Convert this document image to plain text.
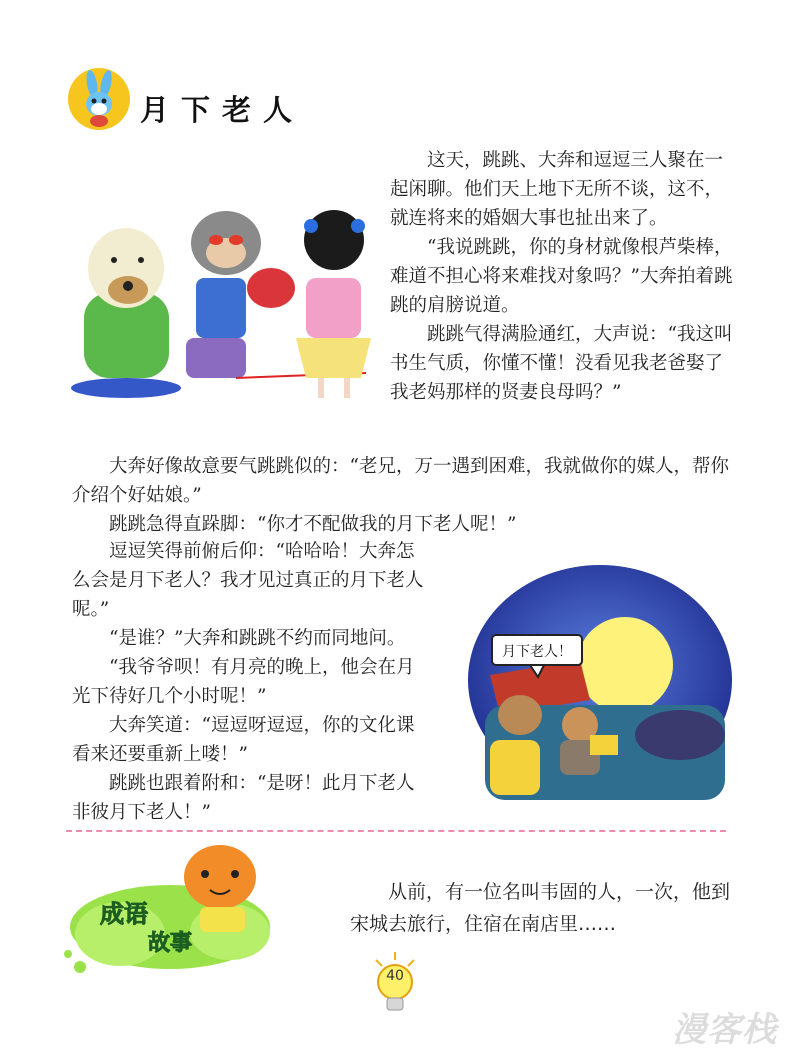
月下老人

这天，跳跳、大奔和逗逗三人聚在一起闲聊。他们天上地下无所不谈，这不，就连将来的婚姻大事也扯出来了。

“我说跳跳，你的身材就像根芦柴棒，难道不担心将来难找对象吗？”大奔拍着跳跳的肩膀说道。

跳跳气得满脸通红，大声说：“我这叫书生气质，你懂不懂！没看见我老爸娶了我老妈那样的贤妻良母吗？”

大奔好像故意要气跳跳似的：“老兄，万一遇到困难，我就做你的媒人，帮你介绍个好姑娘。”

跳跳急得直跺脚：“你才不配做我的月下老人呢！”

逗逗笑得前俯后仰：“哈哈哈！大奔怎么会是月下老人？我才见过真正的月下老人呢。”

“是谁？”大奔和跳跳不约而同地问。

“我爷爷呗！有月亮的晚上，他会在月光下待好几个小时呢！”

大奔笑道：“逗逗呀逗逗，你的文化课看来还要重新上喽！”

跳跳也跟着附和：“是呀！此月下老人非彼月下老人！”

月下老人！
成语
故事
从前，有一位名叫韦固的人，一次，他到宋城去旅行，住宿在南店里……
40
漫客栈
